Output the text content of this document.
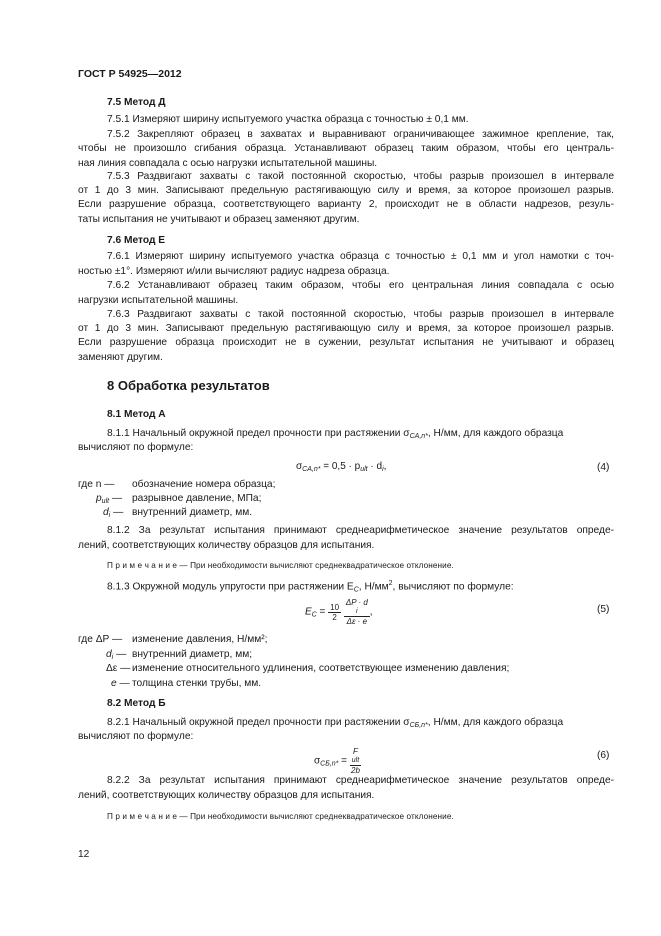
ГОСТ Р 54925—2012
7.5 Метод Д
7.5.1 Измеряют ширину испытуемого участка образца с точностью ± 0,1 мм.
7.5.2 Закрепляют образец в захватах и выравнивают ограничивающее зажимное крепление, так,
чтобы не произошло сгибания образца. Устанавливают образец таким образом, чтобы его централь-
ная линия совпадала с осью нагрузки испытательной машины.
7.5.3 Раздвигают захваты с такой постоянной скоростью, чтобы разрыв произошел в интервале
от 1 до 3 мин. Записывают предельную растягивающую силу и время, за которое произошел разрыв.
Если разрушение образца, соответствующего варианту 2, происходит не в области надрезов, резуль-
таты испытания не учитывают и образец заменяют другим.
7.6 Метод Е
7.6.1 Измеряют ширину испытуемого участка образца с точностью ± 0,1 мм и угол намотки с точ-
ностью ±1°. Измеряют и/или вычисляют радиус надреза образца.
7.6.2 Устанавливают образец таким образом, чтобы его центральная линия совпадала с осью
нагрузки испытательной машины.
7.6.3 Раздвигают захваты с такой постоянной скоростью, чтобы разрыв произошел в интервале
от 1 до 3 мин. Записывают предельную растягивающую силу и время, за которое произошел разрыв.
Если разрушение образца происходит не в сужении, результат испытания не учитывают и образец
заменяют другим.
8 Обработка результатов
8.1 Метод А
8.1.1 Начальный окружной предел прочности при растяжении σCA,n*, Н/мм, для каждого образца
вычисляют по формуле:
$\sigma_{CA,n*} = 0,5 \cdot p_{ult} \cdot d_i$,	(4)
где n — обозначение номера образца;
pult — разрывное давление, МПа;
di — внутренний диаметр, мм.
8.1.2 За результат испытания принимают среднеарифметическое значение результатов опреде-
лений, соответствующих количеству образцов для испытания.
П р и м е ч а н и е — При необходимости вычисляют среднеквадратическое отклонение.
8.1.3 Окружной модуль упругости при растяжении EC, $Н/мм^2$, вычисляют по формуле:
$E_C = \frac{10}{2}$
ΔP · d
i
Δε · e ,	(5)
где ΔP — изменение давления, Н/мм²;
di — внутренний диаметр, мм;
Δε — изменение относительного удлинения, соответствующее изменению давления;
e — толщина стенки трубы, мм.
8.2 Метод Б
8.2.1 Начальный окружной предел прочности при растяжении σCБ,n*, Н/мм, для каждого образца
вычисляют по формуле:
$\sigma_{CБ,n*} = F$
ult
2b	(6)
8.2.2 За результат испытания принимают среднеарифметическое значение результатов опреде-
лений, соответствующих количеству образцов для испытания.
П р и м е ч а н и е — При необходимости вычисляют среднеквадратическое отклонение.
12
